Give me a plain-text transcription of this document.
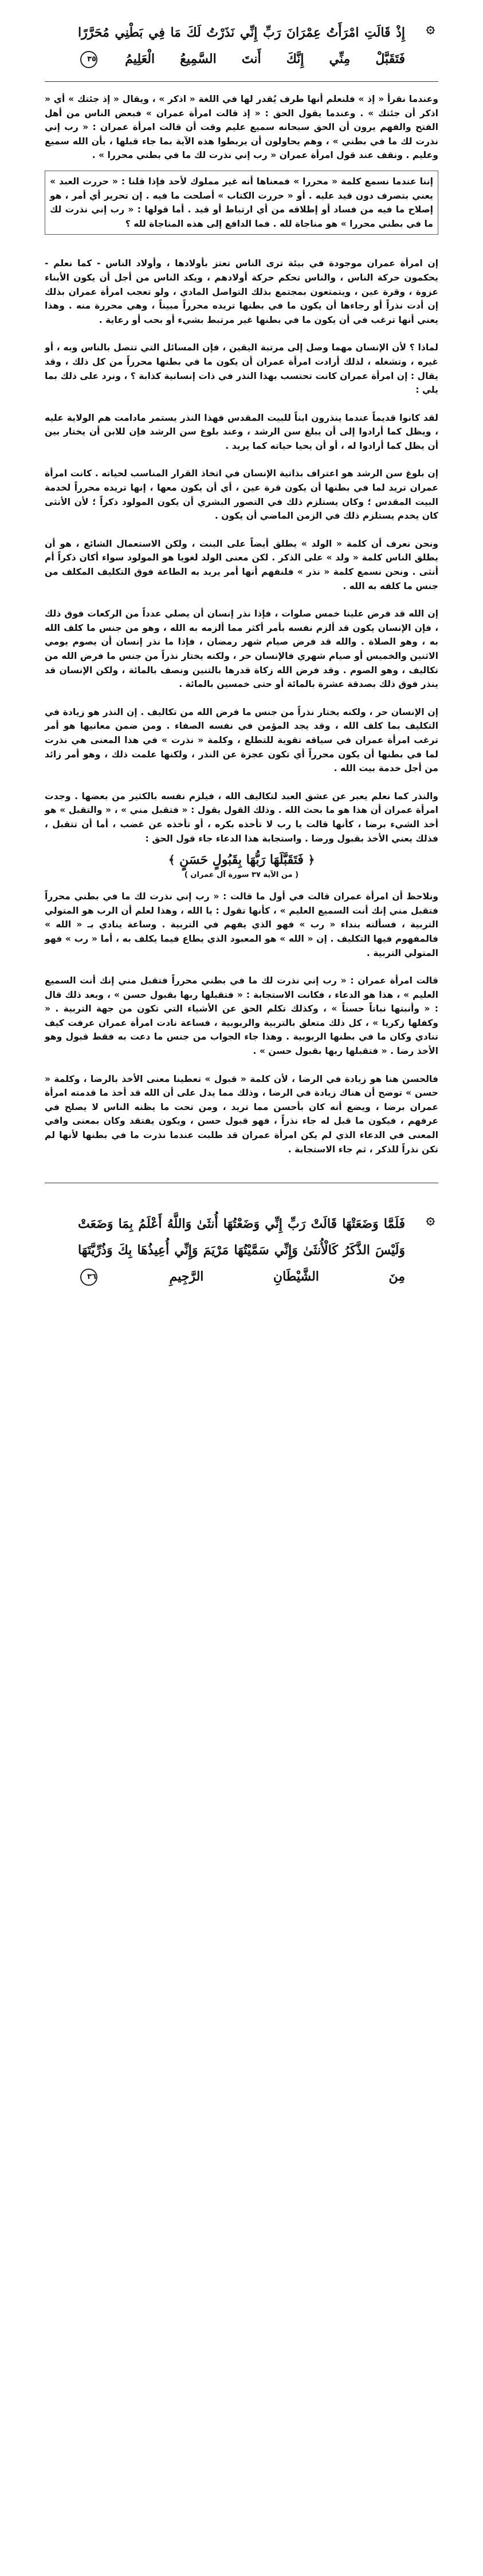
۞
إِذْ قَالَتِ امْرَأَتُ عِمْرَانَ رَبِّ إِنِّي نَذَرْتُ لَكَ مَا فِي بَطْنِي مُحَرَّرًا فَتَقَبَّلْ مِنِّي إِنَّكَ أَنتَ السَّمِيعُ الْعَلِيمُ ٣٥

وعندما نقرأ « إذ » فلنعلم أنها طرف يُقدر لها في اللغة « اذكر » ، ويقال « إذ جئتك » أي « اذكر أن جئتك » . وعندما يقول الحق : « إذ قالت امرأة عمران » فبعض الناس من أهل الفتح والفهم يرون أن الحق سبحانه سميع عليم وقت أن قالت امرأة عمران : « رب إني نذرت لك ما في بطني » ، وهم يحاولون أن يربطوا هذه الآية بما جاء قبلها ، بأن الله سميع وعليم . ونقف عند قول امرأة عمران « رب إني نذرت لك ما في بطني محررا » .

إننا عندما نسمع كلمة « محررا » فمعناها أنه غير مملوك لأحد فإذا قلنا : « حررت العبد » يعني بتصرف دون قيد عليه . أو « حررت الكتاب » أصلحت ما فيه . إن تحرير أي أمر ، هو إصلاح ما فيه من فساد أو إطلاقه من أي ارتباط أو قيد . أما قولها : « رب إني نذرت لك ما في بطني محررا » هو مناجاة لله . فما الدافع إلى هذه المناجاة لله ؟

إن امرأة عمران موجودة في بيئة ترى الناس تعتز بأولادها ، وأولاد الناس - كما نعلم - يحكمون حركة الناس ، والناس تحكم حركة أولادهم ، ويكد الناس من أجل أن يكون الأبناء عزوة ، وقرة عين ، ويتمتعون بمجتمع بذلك التواصل المادي ، ولو تعجب امرأة عمران بذلك إن أدت نذراً أو رجاءها أن يكون ما في بطنها تريده محرراً مبيناً ، وهي محررة منه . وهذا يعني أنها ترغب في أن يكون ما في بطنها غير مرتبط بشيء أو بحب أو رعاية .

لماذا ؟ لأن الإنسان مهما وصل إلى مرتبة اليقين ، فإن المسائل التي تتصل بالناس وبه ، أو غيره ، وتشغله ، لذلك أرادت امرأة عمران أن يكون ما في بطنها محرراً من كل ذلك ، وقد يقال : إن امرأة عمران كانت تحتسب بهذا النذر في ذات إنسانية كذابة ؟ ، ونرد على ذلك بما يلي :

لقد كانوا قديماً عندما ينذرون ابناً للبيت المقدس فهذا النذر يستمر مادامت هم الولاية عليه ، ويظل كما أرادوا إلى أن يبلغ سن الرشد ، وعند بلوغ سن الرشد فإن للابن أن يختار بين أن يظل كما أرادوا له ، أو أن يحيا حياته كما يريد .

إن بلوغ سن الرشد هو اعتراف بذاتية الإنسان في اتخاذ القرار المناسب لحياته . كانت امرأة عمران تريد لما في بطنها أن يكون قرة عين ، أي أن يكون معها ، إنها تريده محرراً لخدمة البيت المقدس ؛ وكان يستلزم ذلك في التصور البشري أن يكون المولود ذكراً ؛ لأن الأنثى كان يخدم يستلزم ذلك في الزمن الماضي أن يكون .

ونحن نعرف أن كلمة « الولد » يطلق أيضاً على البنت ، ولكن الاستعمال الشائع ، هو أن يطلق الناس كلمة « ولد » على الذكر . لكن معنى الولد لغويا هو المولود سواء أكان ذكراً أم أنثى . ونحن نسمع كلمة « نذر » فلنفهم أنها أمر يريد به الطاعة فوق التكليف المكلف من جنس ما كلفه به الله .

إن الله قد فرض علينا خمس صلوات ، فإذا نذر إنسان أن يصلي عدداً من الركعات فوق ذلك ، فإن الإنسان يكون قد ألزم نفسه بأمر أكثر مما ألزمه به الله ، وهو من جنس ما كلف الله به ، وهو الصلاة . والله قد فرض صيام شهر رمضان ، فإذا ما نذر إنسان أن يصوم يومي الاثنين والخميس أو صيام شهري فالإنسان حر ، ولكنه يختار نذراً من جنس ما فرض الله من تكاليف ، وهو الصوم . وقد فرض الله زكاة قدرها بالتنين ونصف بالمائة ، ولكن الإنسان قد ينذر فوق ذلك بصدقة عشرة بالمائة أو حتى خمسين بالمائة .

إن الإنسان حر ، ولكنه يختار نذراً من جنس ما فرض الله من تكاليف . إن النذر هو زيادة في التكليف بما كلف الله ، وقد يجد المؤمن في نفسه الصفاء . ومن ضمن معانيها هو أمر ترغب امرأة عمران في سياقه تقوية للتطلع ، وكلمة « نذرت » في هذا المعنى هي نذرت لما في بطنها أن يكون محرراً أي تكون عجزة عن النذر ، ولكنها علمت ذلك ، وهو أمر زائد من أجل خدمة بيت الله .

والنذر كما نعلم يعبر عن عشق العبد لتكاليف الله ، فيلزم نفسه بالكثير من بعضها . وجدت امرأة عمران أن هذا هو ما بحث الله . وذلك القول يقول : « فتقبل مني » ، « والتقبل » هو أخذ الشيء برضا ، كأنها قالت يا رب لا تأخذه بكره ، أو تأخذه عن غضب ، أما أن تتقبل ، فذلك يعني الأخذ بقبول ورضا . واستجابة هذا الدعاء جاء قول الحق :

﴿ فَتَقَبَّلَهَا رَبُّهَا بِقَبُولٍ حَسَنٍ ﴾
( من الآية ٣٧ سورة آل عمران )

ونلاحظ أن امرأة عمران قالت في أول ما قالت : « رب إني نذرت لك ما في بطني محرراً فتقبل مني إنك أنت السميع العليم » ، كأنها تقول : يا الله ، وهذا لعلم أن الرب هو المتولي التربية ، فسألته بنداء « رب » فهو الذي يفهم في التربية . وساعة ينادي بـ « الله » فالمفهوم فيها التكليف . إن « الله » هو المعبود الذي يطاع فيما يكلف به ، أما « رب » فهو المتولي التربية .

قالت امرأة عمران : « رب إني نذرت لك ما في بطني محرراً فتقبل مني إنك أنت السميع العليم » ، هذا هو الدعاء ، فكانت الاستجابة : « فتقبلها ربها بقبول حسن » ، وبعد ذلك قال : « وأنبتها نباتاً حسناً » ، وكذلك تكلم الحق عن الأشياء التي تكون من جهة التربية . « وكفلها زكريا » ، كل ذلك متعلق بالتربية والربوبية ، فساعة نادت امرأة عمران عرفت كيف تنادي وكان ما في بطنها الربوبية . وهذا جاء الجواب من جنس ما دعت به فقط قبول وهو الأخذ رضا . « فتقبلها ربها بقبول حسن » .

فالحسن هنا هو زيادة في الرضا ، لأن كلمة « قبول » تعطينا معنى الأخذ بالرضا ، وكلمة « حسن » توضح أن هناك زيادة في الرضا ، وذلك مما يدل على أن الله قد أخذ ما قدمته امرأة عمران برضا ، ويضع أنه كان بأحسن مما تريد ، ومن تحت ما يظنه الناس لا يصلح في عرفهم ، فيكون ما قبل له جاء نذراً ، فهو قبول حسن ، ويكون يفتقد وكان بمعنى وافي المعنى في الدعاء الذي لم يكن امرأة عمران قد طلبت عندما نذرت ما في بطنها لأنها لم تكن نذراً للذكر ، ثم جاء الاستجابة .

۞
فَلَمَّا وَضَعَتْهَا قَالَتْ رَبِّ إِنِّي وَضَعْتُهَا أُنثَىٰ وَاللَّهُ أَعْلَمُ بِمَا وَضَعَتْ وَلَيْسَ الذَّكَرُ كَالْأُنثَىٰ وَإِنِّي سَمَّيْتُهَا مَرْيَمَ وَإِنِّي أُعِيذُهَا بِكَ وَذُرِّيَّتَهَا مِنَ الشَّيْطَانِ الرَّجِيمِ ٣٦
